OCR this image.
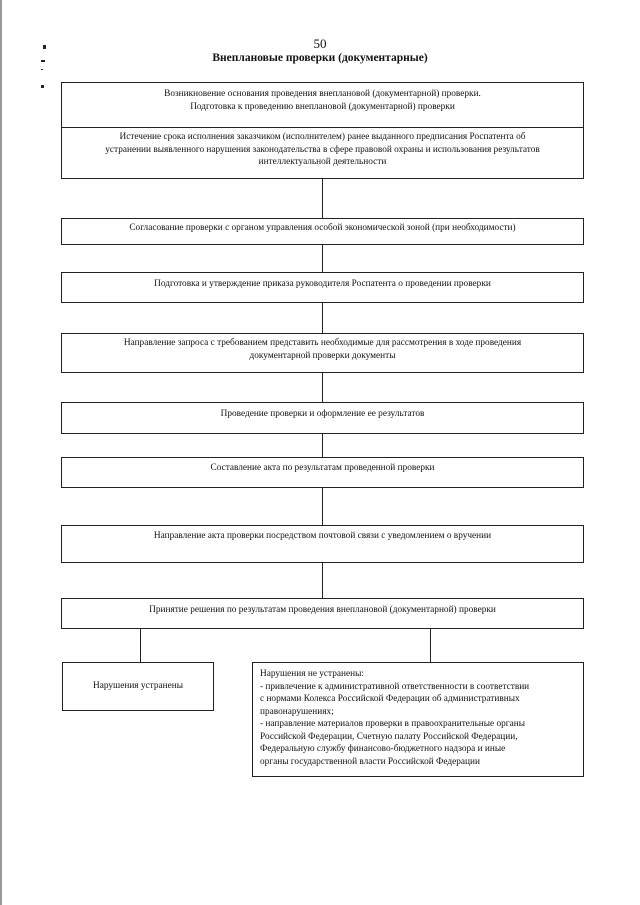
50
Внеплановые проверки (документарные)
Возникновение основания проведения внеплановой (документарной) проверки.
Подготовка к проведению внеплановой (документарной) проверки
Истечение срока исполнения заказчиком (исполнителем) ранее выданного предписания Роспатента об
устранении выявленного нарушения законодательства в сфере правовой охраны и использования результатов
интеллектуальной деятельности
Согласование проверки с органом управления особой экономической зоной (при необходимости)
Подготовка и утверждение приказа руководителя Роспатента о проведении проверки
Направление запроса с требованием представить необходимые для рассмотрения в ходе проведения
документарной проверки документы
Проведение проверки и оформление ее результатов
Составление акта по результатам проведенной проверки
Направление акта проверки посредством почтовой связи с уведомлением о вручении
Принятие решения по результатам проведения внеплановой (документарной) проверки
Нарушения устранены
Нарушения не устранены:
- привлечение к административной ответственности в соответствии
с нормами Колекса Российской Федерации об административных
правонарушениях;
- направление материалов проверки в правоохранительные органы
Российской Федерации, Счетную палату Российской Федерации,
Федеральную службу финансово-бюджетного надзора и иные
органы государственной власти Российской Федерации
